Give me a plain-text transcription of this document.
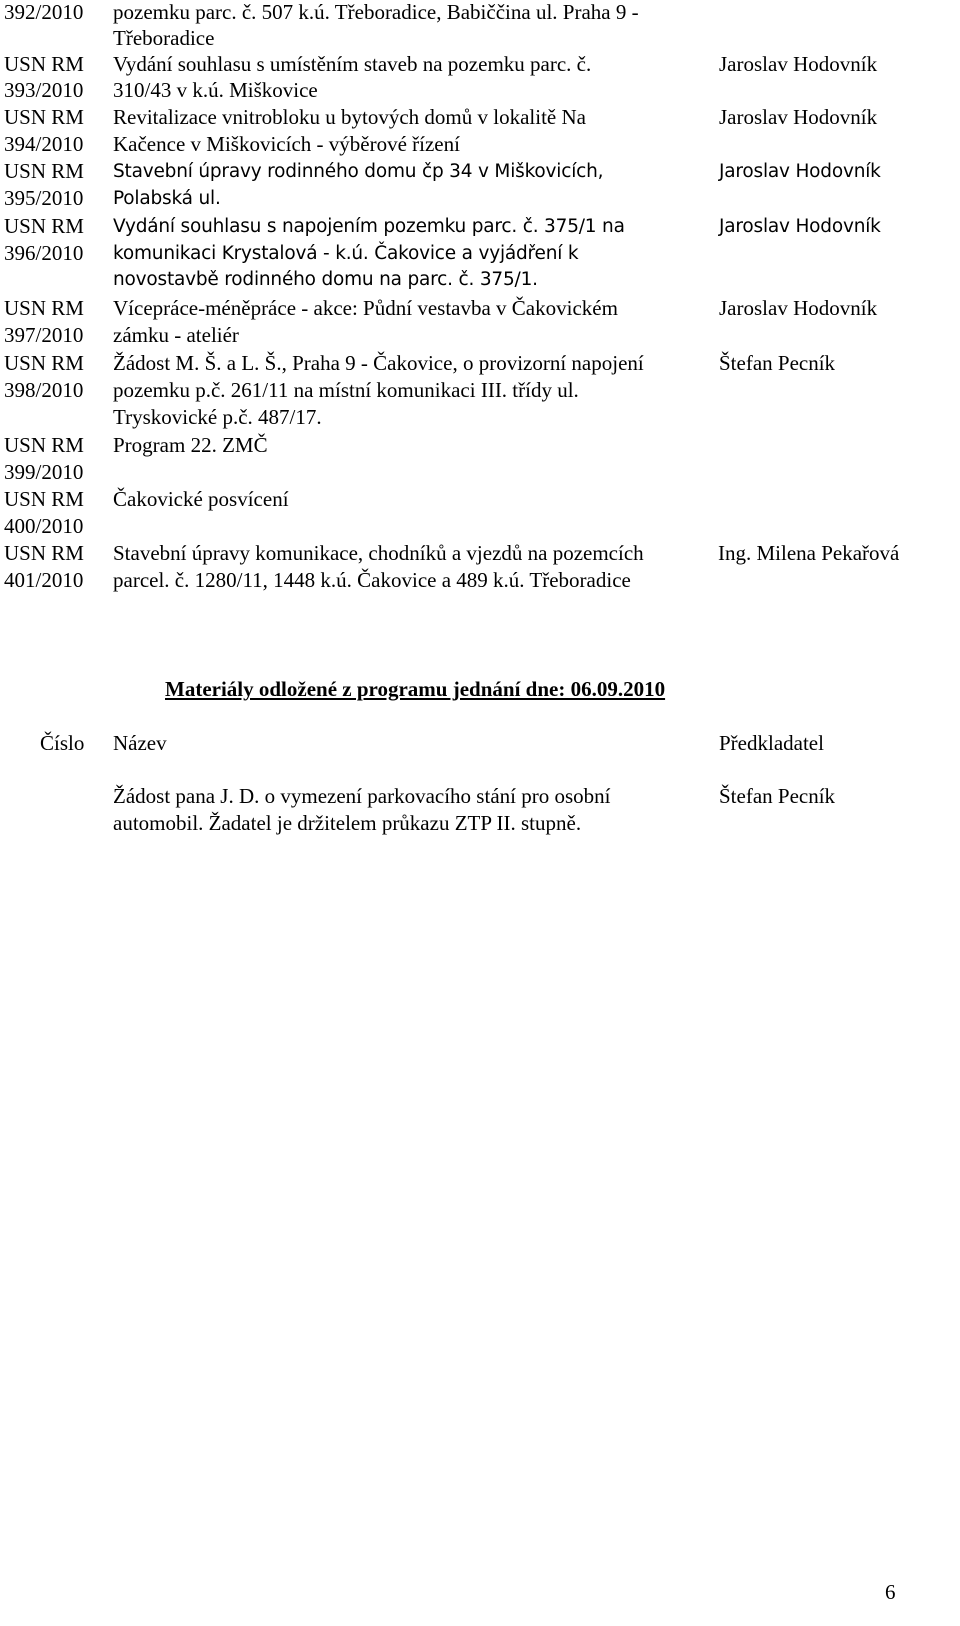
392/2010 pozemku parc. č. 507 k.ú. Třeboradice, Babiččina ul. Praha 9 -
Třeboradice
USN RM
393/2010
Vydání souhlasu s umístěním staveb na pozemku parc. č.
310/43 v k.ú. Miškovice
Jaroslav Hodovník
USN RM
394/2010
Revitalizace vnitrobloku u bytových domů v lokalitě Na
Kačence v Miškovicích - výběrové řízení
Jaroslav Hodovník
USN RM
395/2010
Stavební úpravy rodinného domu čp 34 v Miškovicích,
Polabská ul.
Jaroslav Hodovník
USN RM
396/2010
Vydání souhlasu s napojením pozemku parc. č. 375/1 na
komunikaci Krystalová - k.ú. Čakovice a vyjádření k
novostavbě rodinného domu na parc. č. 375/1.
Jaroslav Hodovník
USN RM
397/2010
Vícepráce-méněpráce - akce: Půdní vestavba v Čakovickém
zámku - ateliér
Jaroslav Hodovník
USN RM
398/2010
Žádost M. Š. a L. Š., Praha 9 - Čakovice, o provizorní napojení
pozemku p.č. 261/11 na místní komunikaci III. třídy ul.
Tryskovické p.č. 487/17.
Štefan Pecník
USN RM
399/2010
Program 22. ZMČ
USN RM
400/2010
Čakovické posvícení
USN RM
401/2010
Stavební úpravy komunikace, chodníků a vjezdů na pozemcích
parcel. č. 1280/11, 1448 k.ú. Čakovice a 489 k.ú. Třeboradice
Ing. Milena Pekařová
Materiály odložené z programu jednání dne: 06.09.2010
Číslo Název	Předkladatel
Žádost pana J. D. o vymezení parkovacího stání pro osobní
automobil. Žadatel je držitelem průkazu ZTP II. stupně.
Štefan Pecník
6
